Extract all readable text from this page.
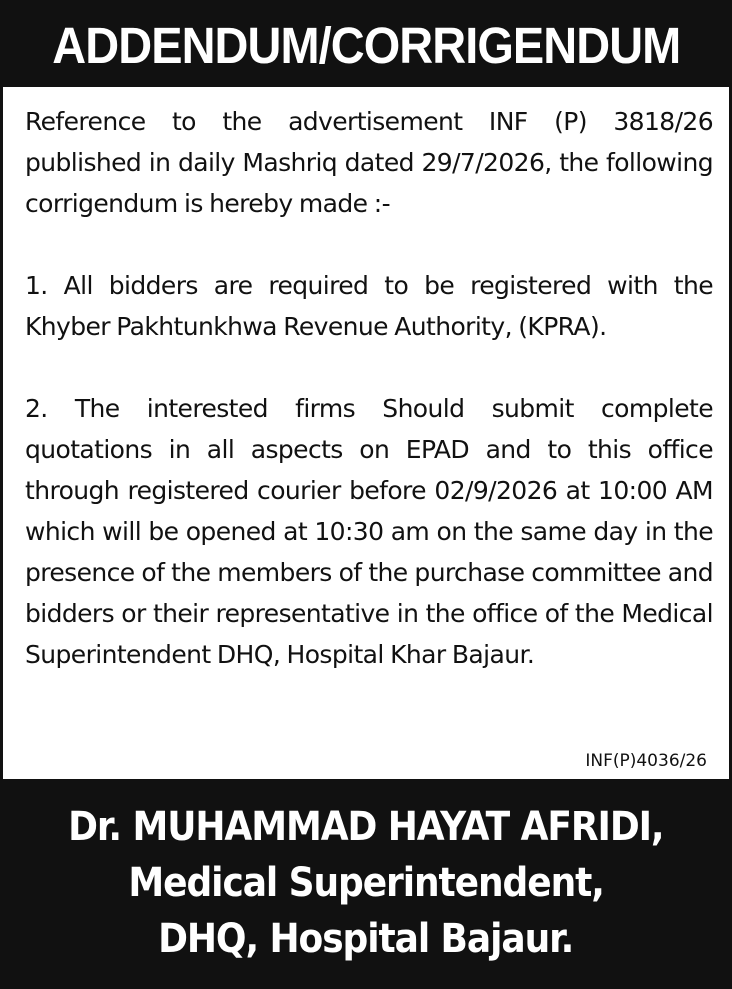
ADDENDUM/CORRIGENDUM

Reference to the advertisement INF (P) 3818/26 published in daily Mashriq dated 29/7/2026, the following corrigendum is hereby made :-

1. All bidders are required to be registered with the Khyber Pakhtunkhwa Revenue Authority, (KPRA).

2. The interested firms Should submit complete quotations in all aspects on EPAD and to this office through registered courier before 02/9/2026 at 10:00 AM which will be opened at 10:30 am on the same day in the presence of the members of the purchase committee and bidders or their representative in the office of the Medical Superintendent DHQ, Hospital Khar Bajaur.

INF(P)4036/26
Dr. MUHAMMAD HAYAT AFRIDI,
Medical Superintendent,
DHQ, Hospital Bajaur.
